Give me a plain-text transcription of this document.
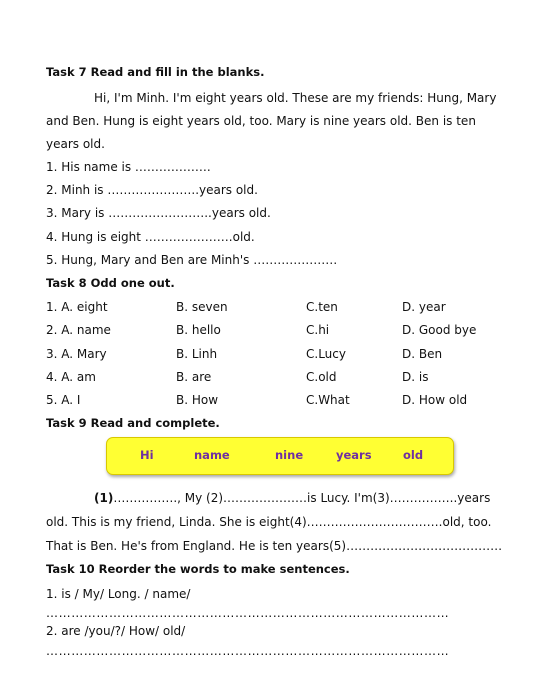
Task 7 Read and fill in the blanks.
Hi, I'm Minh. I'm eight years old. These are my friends: Hung, Mary
and Ben. Hung is eight years old, too. Mary is nine years old. Ben is ten
years old.
1. His name is ……………….
2. Minh is …………………..years old.
3. Mary is ……………………..years old.
4. Hung is eight ………………….old.
5. Hung, Mary and Ben are Minh's …………………
Task 8 Odd one out.
1. A. eight	B. seven	C.ten	D. year
2. A. name	B. hello	C.hi	D. Good bye
3. A. Mary	B. Linh	C.Lucy	D. Ben
4. A. am	B. are	C.old	D. is
5. A. I	B. How	C.What	D. How old
Task 9 Read and complete.
Hi	name	nine	years	old
(1)……………., My (2)…………………is Lucy. I'm(3)……………..years
old. This is my friend, Linda. She is eight(4)…………………………….old, too.
That is Ben. He's from England. He is ten years(5)…………………………………
Task 10 Reorder the words to make sentences.
1. is / My/ Long. / name/
……………………………………………………………………………………
2. are /you/?/ How/ old/
……………………………………………………………………………………
